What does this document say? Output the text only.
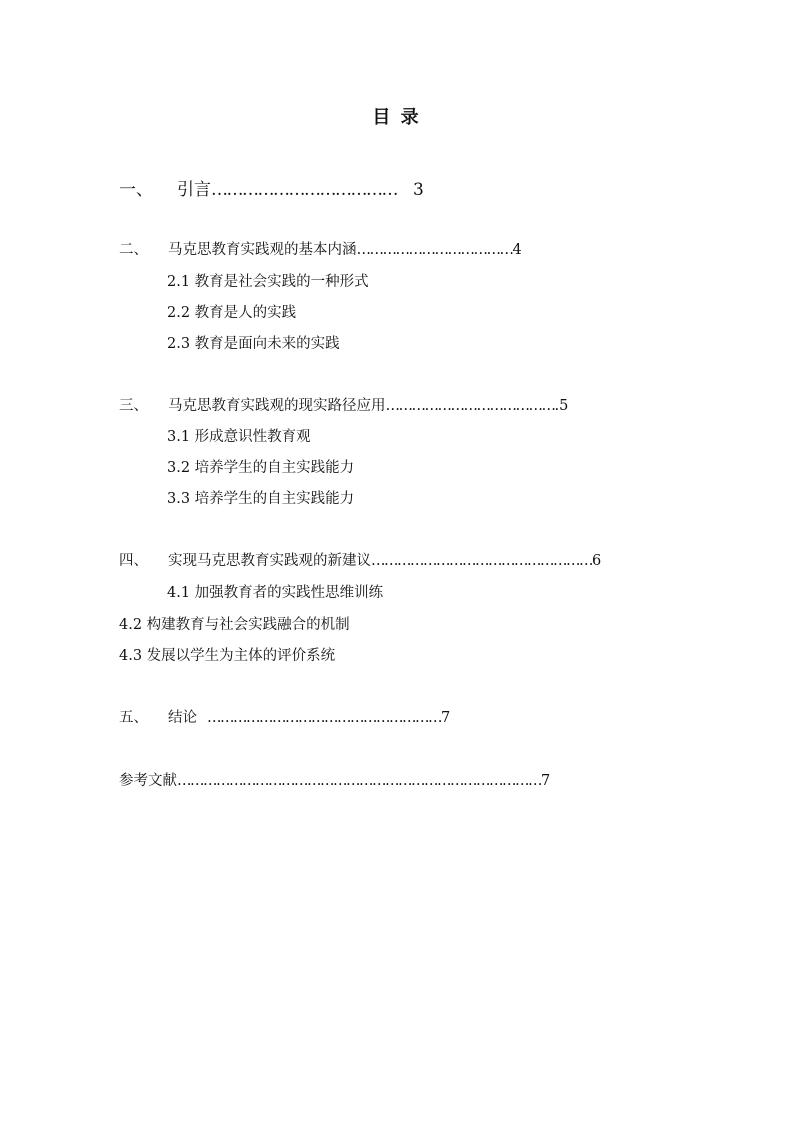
目 录
一、 引言……………………………… 3
二、 马克思教育实践观的基本内涵………………………………4
2.1 教育是社会实践的一种形式
2.2 教育是人的实践
2.3 教育是面向未来的实践
三、 马克思教育实践观的现实路径应用………………………………….5
3.1 形成意识性教育观
3.2 培养学生的自主实践能力
3.3 培养学生的自主实践能力
四、 实现马克思教育实践观的新建议……………………………………………6
4.1 加强教育者的实践性思维训练
4.2 构建教育与社会实践融合的机制
4.3 发展以学生为主体的评价系统
五、 结论 ………………………………………………7
参考文献…………………………………………………………………………7
